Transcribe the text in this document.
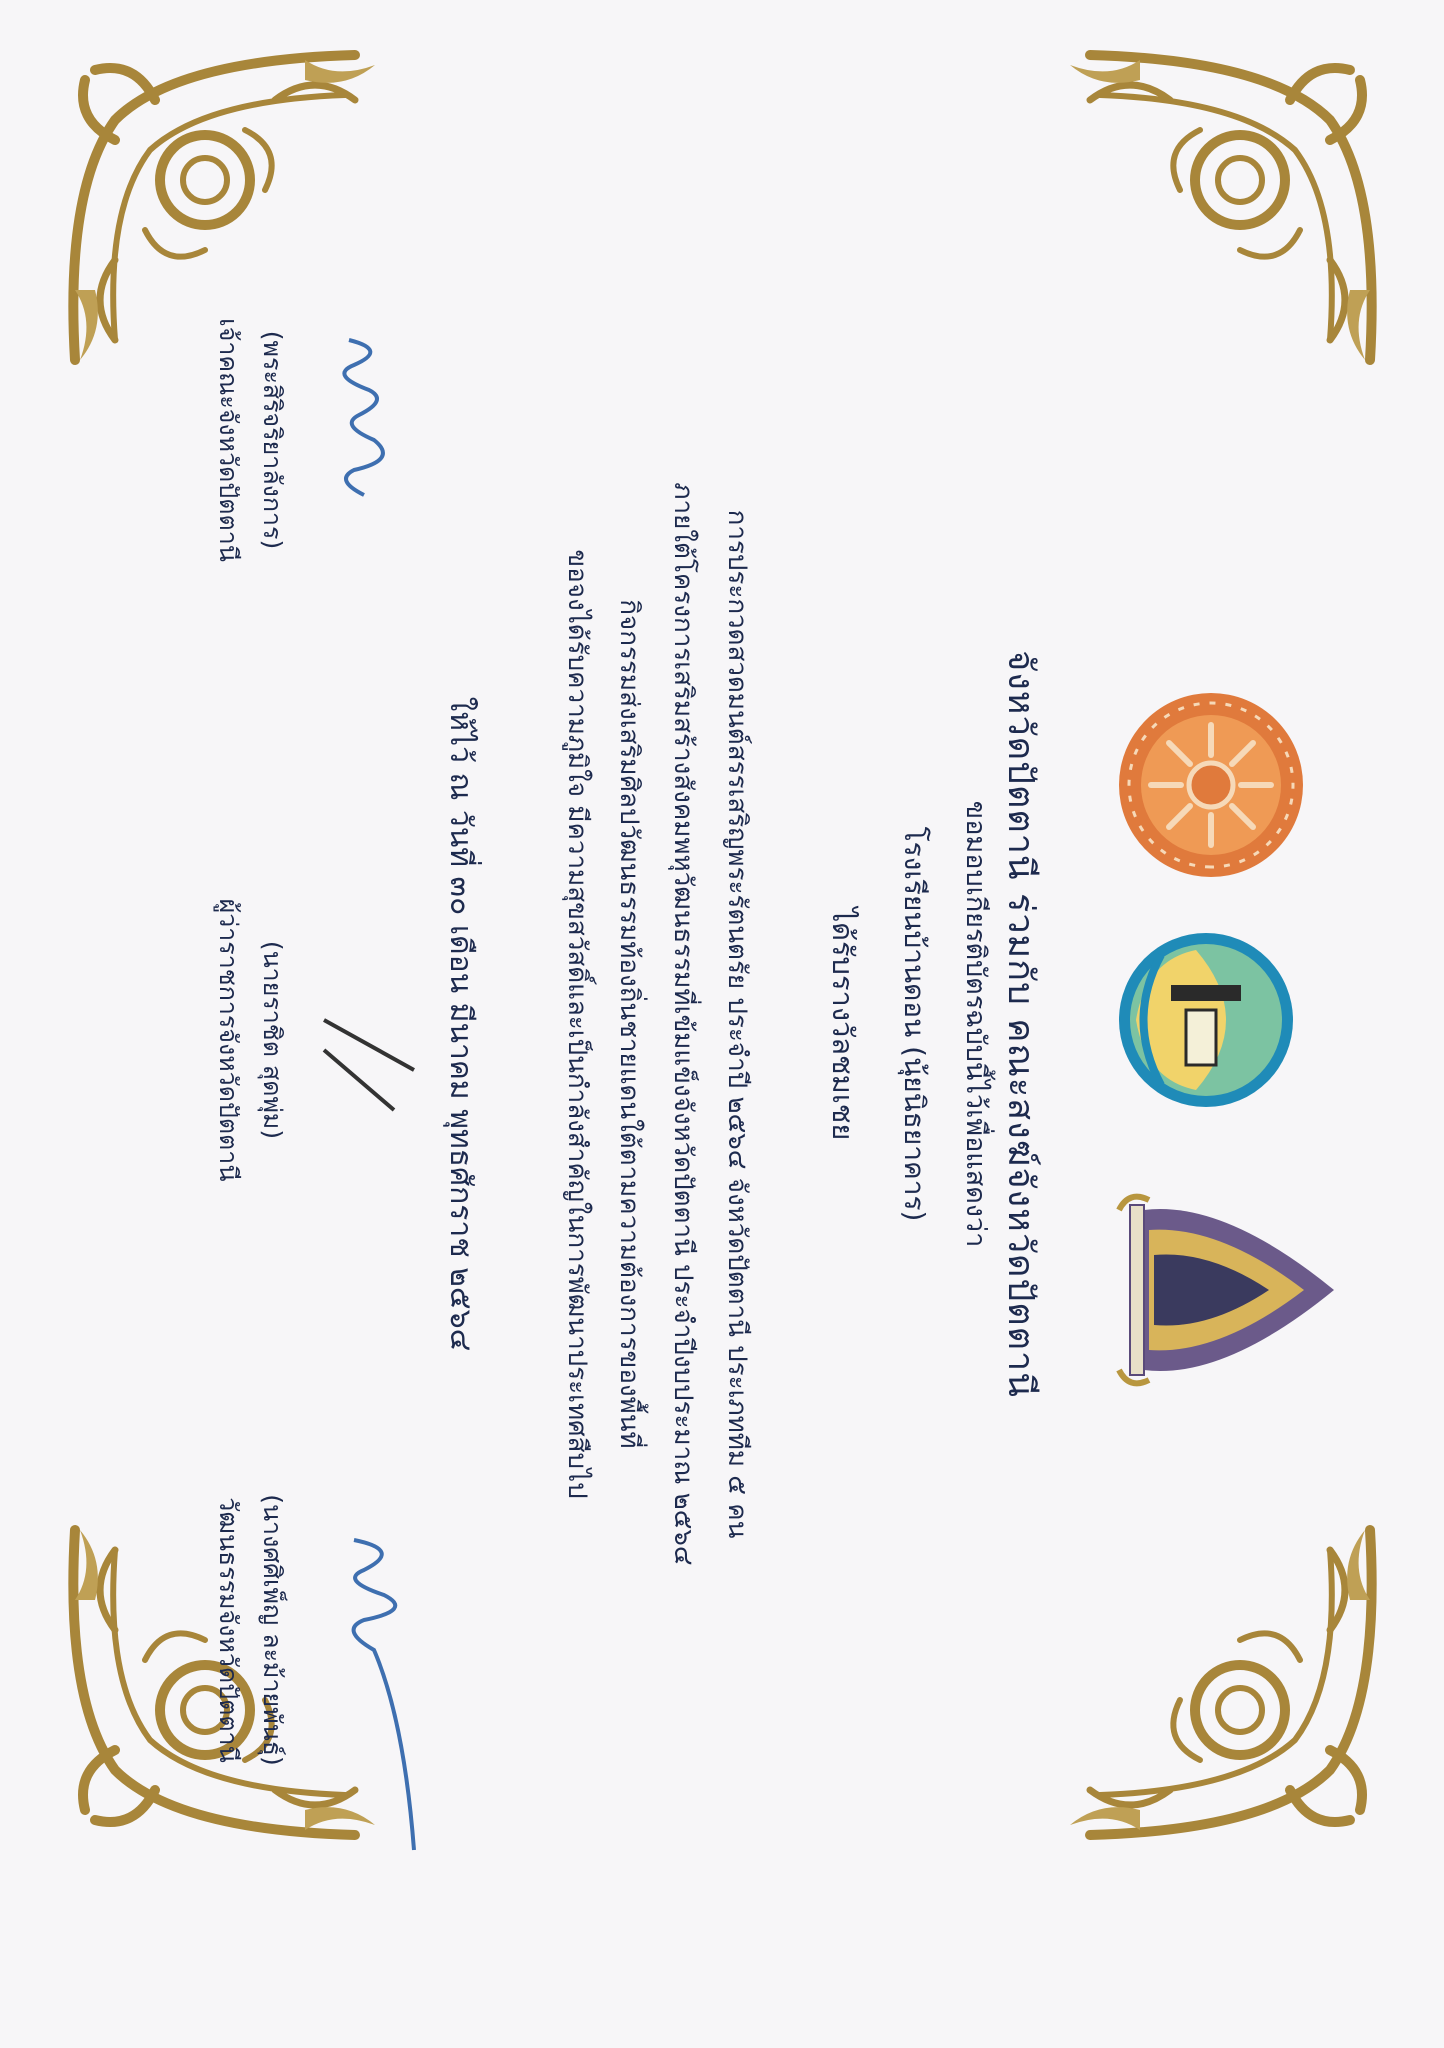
จังหวัดปัตตานี ร่วมกับ คณะสงฆ์จังหวัดปัตตานี
ขอมอบเกียรติบัตรฉบับนี้ไว้เพื่อแสดงว่า
โรงเรียนบ้านดอน (นุ้ยนิธยาคาร)
ได้รับรางวัลชมเชย
การประกวดสวดมนต์สรรเสริญพระรัตนตรัย ประจำปี ๒๕๖๔ จังหวัดปัตตานี ประเภททีม ๕ คน
ภายใต้โครงการเสริมสร้างสังคมพหุวัฒนธรรมที่เข้มแข็งจังหวัดปัตตานี ประจำปีงบประมาณ ๒๕๖๔
กิจกรรมส่งเสริมศิลปวัฒนธรรมท้องถิ่นชายแดนใต้ตามความต้องการของพื้นที่
ขอจงได้รับความภูมิใจ มีความสุขสวัสดิ์และเป็นกำลังสำคัญในการพัฒนาประเทศสืบไป
ให้ไว้ ณ วันที่ ๓๐ เดือน มีนาคม พุทธศักราช ๒๕๖๔
(พระสิริจริยาลังการ)
เจ้าคณะจังหวัดปัตตานี
(นายราชิต สุดพุ่ม)
ผู้ว่าราชการจังหวัดปัตตานี
(นางศศิเพ็ญ ละม้ายพันธุ์)
วัฒนธรรมจังหวัดปัตตานี
